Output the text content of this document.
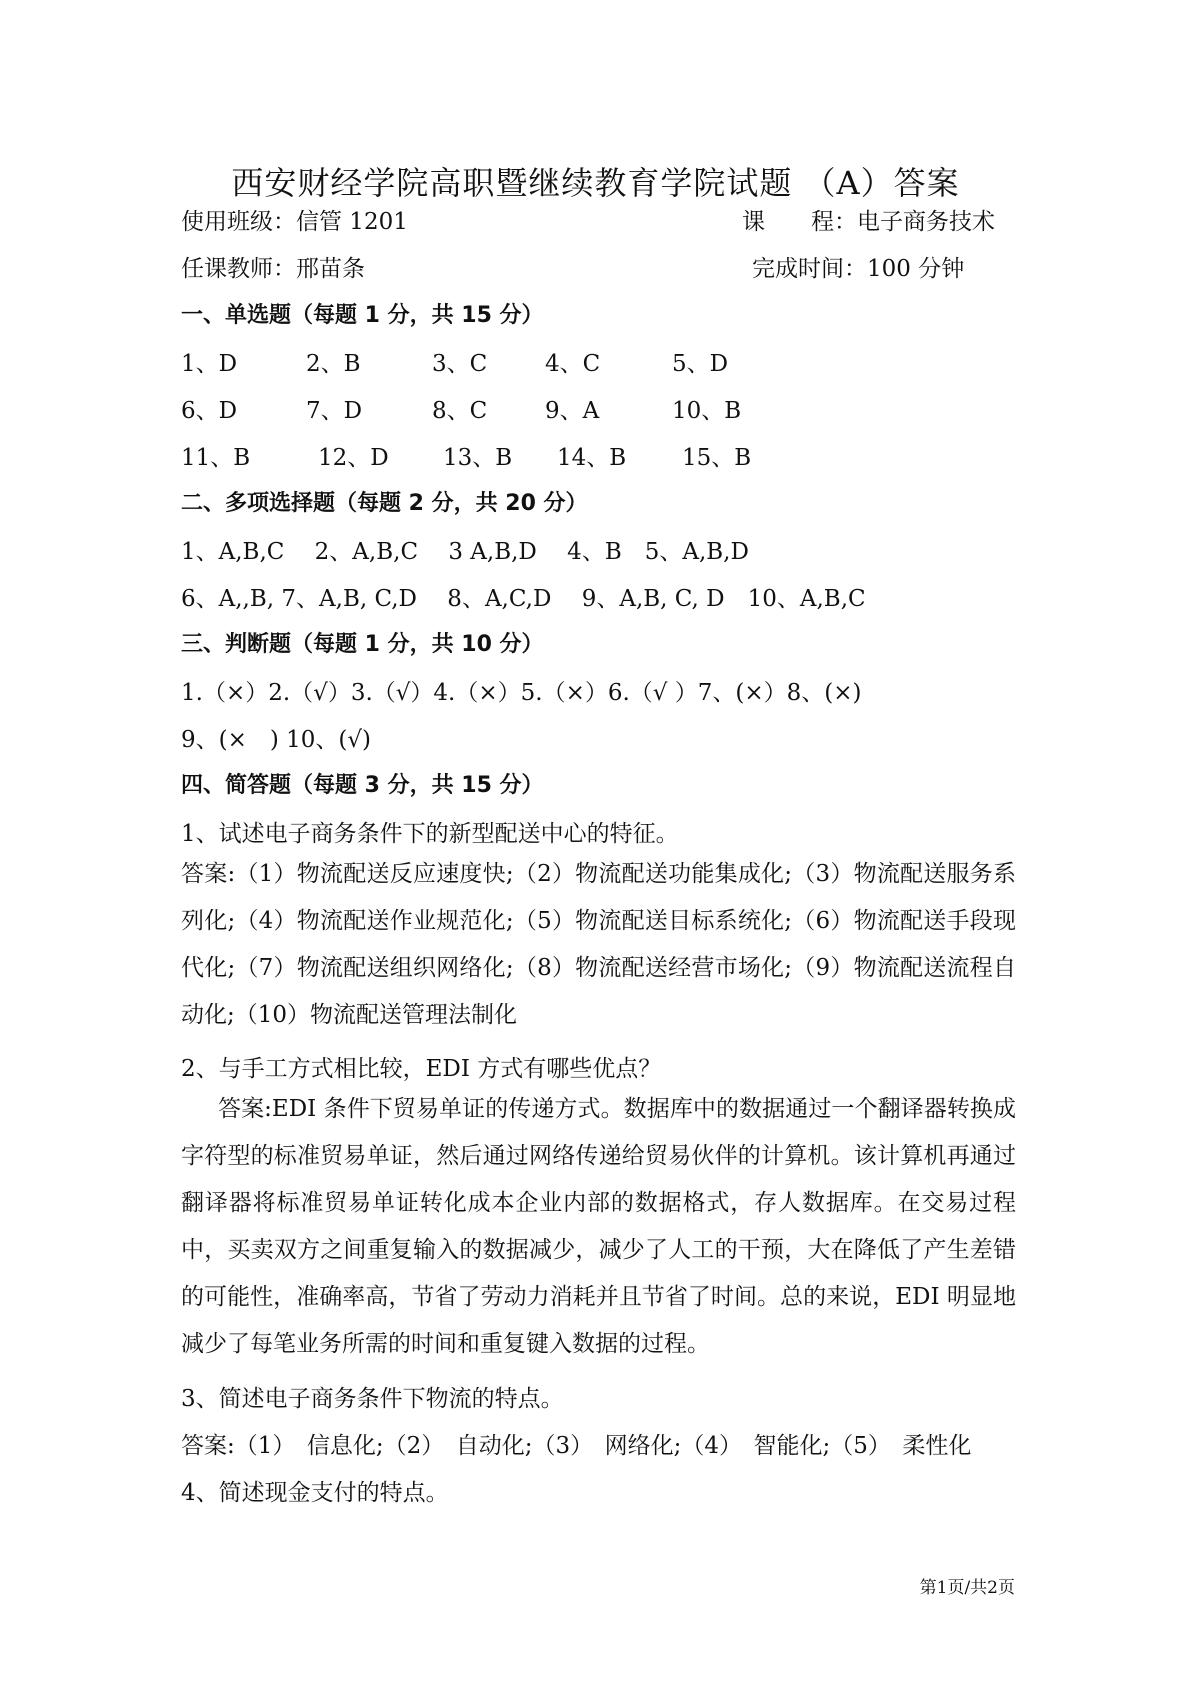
西安财经学院高职暨继续教育学院试题 （A）答案
使用班级：信管 1201	课　　程：电子商务技术
任课教师：邢苗条	完成时间：100 分钟
一、单选题（每题 1 分，共 15 分）
1、D	2、B	3、C	4、C	5、D
6、D	7、D	8、C	9、A	10、B
11、B	12、D 13、B 14、B 15、B
二、多项选择题（每题 2 分，共 20 分）
1、A,B,C　 2、A,B,C　 3 A,B,D　 4、B　5、A,B,D
6、A,,B, 7、A,B, C,D　 8、A,C,D　 9、A,B, C, D　10、A,B,C
三、判断题（每题 1 分，共 10 分）
1.（×）2.（√）3.（√）4.（×）5.（×）6.（√ ）7、(×）8、(×)
9、(×　) 10、(√)
四、简答题（每题 3 分，共 15 分）
1、试述电子商务条件下的新型配送中心的特征。
答案:（1）物流配送反应速度快;（2）物流配送功能集成化;（3）物流配送服务系列化;（4）物流配送作业规范化;（5）物流配送目标系统化;（6）物流配送手段现代化;（7）物流配送组织网络化;（8）物流配送经营市场化;（9）物流配送流程自动化;（10）物流配送管理法制化
2、与手工方式相比较，EDI 方式有哪些优点？
答案:EDI 条件下贸易单证的传递方式。数据库中的数据通过一个翻译器转换成字符型的标准贸易单证，然后通过网络传递给贸易伙伴的计算机。该计算机再通过翻译器将标准贸易单证转化成本企业内部的数据格式，存人数据库。在交易过程中，买卖双方之间重复输入的数据减少，减少了人工的干预，大在降低了产生差错的可能性，准确率高，节省了劳动力消耗并且节省了时间。总的来说，EDI 明显地减少了每笔业务所需的时间和重复键入数据的过程。
3、简述电子商务条件下物流的特点。
答案:（1）　信息化;（2）　自动化;（3）　网络化;（4）　智能化;（5）　柔性化
4、简述现金支付的特点。
第1页/共2页
